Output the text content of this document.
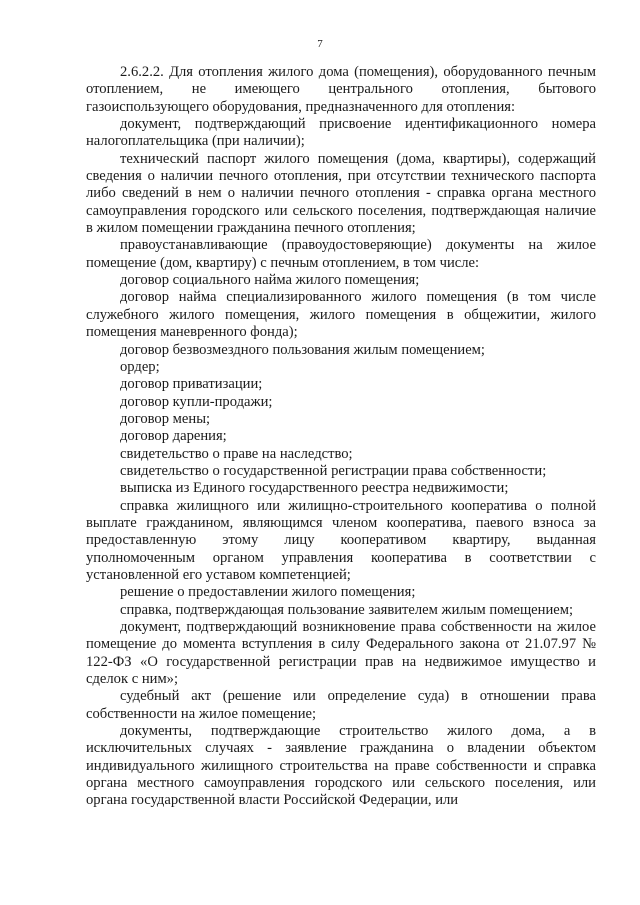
7

2.6.2.2. Для отопления жилого дома (помещения), оборудованного печным отоплением, не имеющего центрального отопления, бытового газоиспользующего оборудования, предназначенного для отопления:

документ, подтверждающий присвоение идентификационного номера налогоплательщика (при наличии);

технический паспорт жилого помещения (дома, квартиры), содержащий сведения о наличии печного отопления, при отсутствии технического паспорта либо сведений в нем о наличии печного отопления - справка органа местного самоуправления городского или сельского поселения, подтверждающая наличие в жилом помещении гражданина печного отопления;

правоустанавливающие (правоудостоверяющие) документы на жилое помещение (дом, квартиру) с печным отоплением, в том числе:

договор социального найма жилого помещения;

договор найма специализированного жилого помещения (в том числе служебного жилого помещения, жилого помещения в общежитии, жилого помещения маневренного фонда);

договор безвозмездного пользования жилым помещением;

ордер;

договор приватизации;

договор купли-продажи;

договор мены;

договор дарения;

свидетельство о праве на наследство;

свидетельство о государственной регистрации права собственности;

выписка из Единого государственного реестра недвижимости;

справка жилищного или жилищно-строительного кооператива о полной выплате гражданином, являющимся членом кооператива, паевого взноса за предоставленную этому лицу кооперативом квартиру, выданная уполномоченным органом управления кооператива в соответствии с установленной его уставом компетенцией;

решение о предоставлении жилого помещения;

справка, подтверждающая пользование заявителем жилым помещением;

документ, подтверждающий возникновение права собственности на жилое помещение до момента вступления в силу Федерального закона от 21.07.97 № 122-ФЗ «О государственной регистрации прав на недвижимое имущество и сделок с ним»;

судебный акт (решение или определение суда) в отношении права собственности на жилое помещение;

документы, подтверждающие строительство жилого дома, а в исключительных случаях - заявление гражданина о владении объектом индивидуального жилищного строительства на праве собственности и справка органа местного самоуправления городского или сельского поселения, или органа государственной власти Российской Федерации, или
